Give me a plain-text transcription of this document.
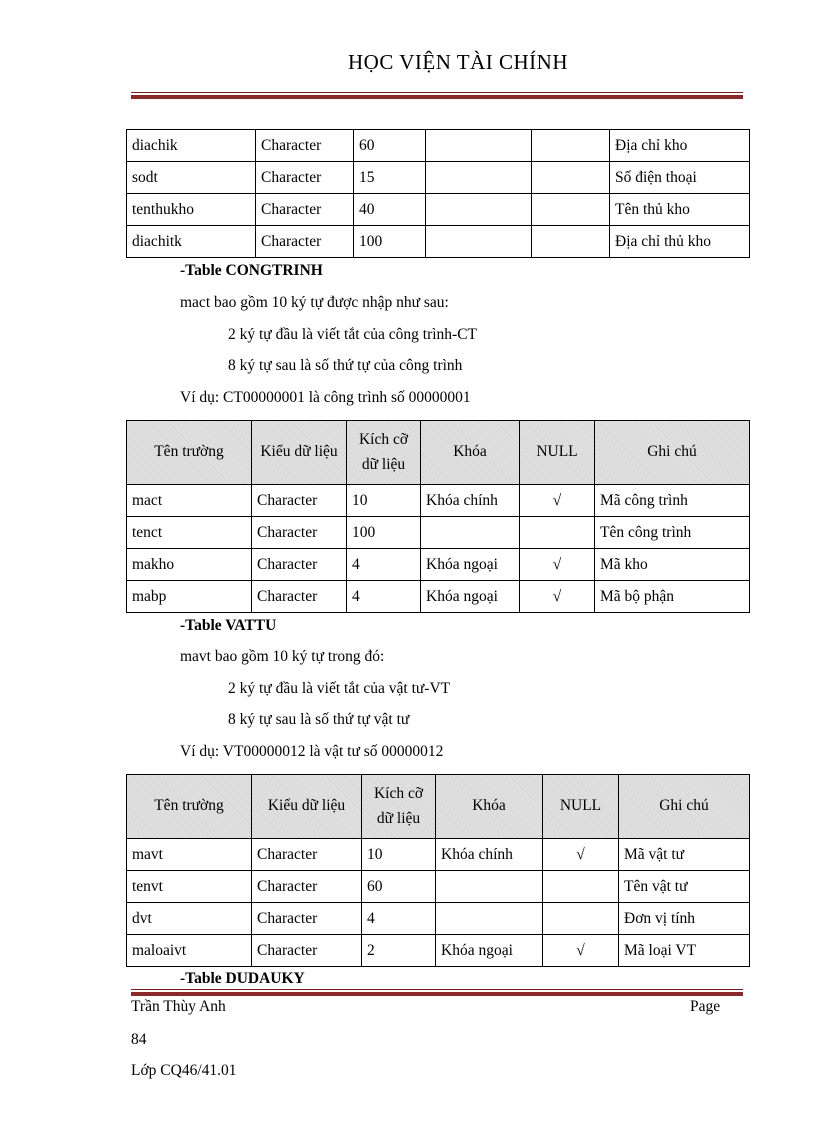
HỌC VIỆN TÀI CHÍNH
diachik	Character	60			Địa chỉ kho
sodt	Character	15			Số điện thoại
tenthukho	Character	40			Tên thủ kho
diachitk	Character	100			Địa chỉ thủ kho
-Table CONGTRINH
mact bao gồm 10 ký tự được nhập như sau:
2 ký tự đầu là viết tắt của công trình-CT
8 ký tự sau là số thứ tự của công trình
Ví dụ: CT00000001 là công trình số 00000001
Tên trường	Kiểu dữ liệu	Kích cỡ dữ liệu	Khóa	NULL	Ghi chú
mact	Character	10	Khóa chính	√	Mã công trình
tenct	Character	100			Tên công trình
makho	Character	4	Khóa ngoại	√	Mã kho
mabp	Character	4	Khóa ngoại	√	Mã bộ phận
-Table VATTU
mavt bao gồm 10 ký tự trong đó:
2 ký tự đầu là viết tắt của vật tư-VT
8 ký tự sau là số thứ tự vật tư
Ví dụ: VT00000012 là vật tư số 00000012
Tên trường	Kiểu dữ liệu	Kích cỡ dữ liệu	Khóa	NULL	Ghi chú
mavt	Character	10	Khóa chính	√	Mã vật tư
tenvt	Character	60			Tên vật tư
dvt	Character	4			Đơn vị tính
maloaivt	Character	2	Khóa ngoại	√	Mã loại VT
-Table DUDAUKY
Trần Thùy Anh	Page
84
Lớp CQ46/41.01
